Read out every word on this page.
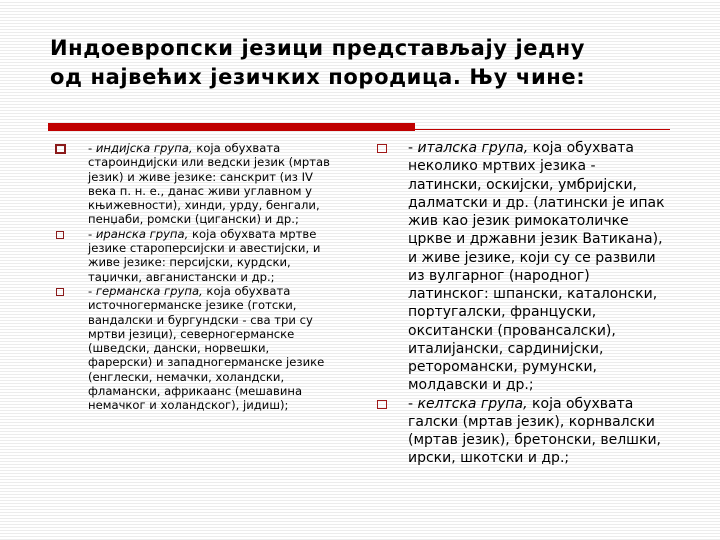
Индоевропски језици представљају једну
од највећих језичких породица. Њу чине:
- индијска група, која обухвата
староиндијски или ведски језик (мртав
језик) и живе језике: санскрит (из IV
века п. н. е., данас живи углавном у
књижевности), хинди, урду, бенгали,
пенџаби, ромски (цигански) и др.;
- иранска група, која обухвата мртве
језике староперсијски и авестијски, и
живе језике: персијски, курдски,
таџички, авганистански и др.;
- германска група, која обухвата
источногерманске језике (готски,
вандалски и бургундски - сва три су
мртви језици), северногерманске
(шведски, дански, норвешки,
фарерски) и западногерманске језике
(енглески, немачки, холандски,
фламански, африкаанс (мешавина
немачког и холандског), јидиш);
- италска група, која обухвата
неколико мртвих језика -
латински, оскијски, умбријски,
далматски и др. (латински је ипак
жив као језик римокатоличке
цркве и државни језик Ватикана),
и живе језике, који су се развили
из вулгарног (народног)
латинског: шпански, каталонски,
португалски, француски,
окситански (провансалски),
италијански, сардинијски,
реторомански, румунски,
молдавски и др.;
- келтска група, која обухвата
галски (мртав језик), корнвалски
(мртав језик), бретонски, велшки,
ирски, шкотски и др.;
